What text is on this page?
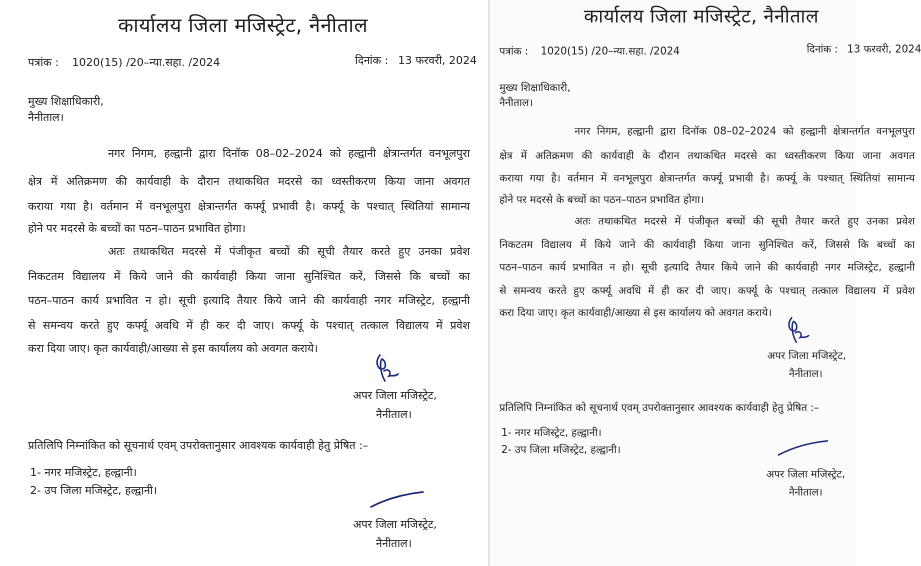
कार्यालय जिला मजिस्ट्रेट, नैनीताल
पत्रांक : 1020(15) /20–न्या.सहा. /2024	दिनांक : 13 फरवरी, 2024
मुख्य शिक्षाधिकारी,
नैनीताल।
नगर निगम, हल्द्वानी द्वारा दिनॉक 08–02–2024 को हल्द्वानी क्षेत्रान्तर्गत वनभूलपुरा
क्षेत्र में अतिक्रमण की कार्यवाही के दौरान तथाकथित मदरसे का ध्वस्तीकरण किया जाना अवगत
कराया गया है। वर्तमान में वनभूलपुरा क्षेत्रान्तर्गत कर्फ्यू प्रभावी है। कर्फ्यू के पश्चात् स्थितियां सामान्य
होने पर मदरसे के बच्चों का पठन–पाठन प्रभावित होगा।
अतः तथाकथित मदरसे में पंजीकृत बच्चों की सूची तैयार करते हुए उनका प्रवेश
निकटतम विद्यालय में किये जाने की कार्यवाही किया जाना सुनिश्चित करें, जिससे कि बच्चों का
पठन–पाठन कार्य प्रभावित न हो। सूची इत्यादि तैयार किये जाने की कार्यवाही नगर मजिस्ट्रेट, हल्द्वानी
से समन्वय करते हुए कर्फ्यू अवधि में ही कर दी जाए। कर्फ्यू के पश्चात् तत्काल विद्यालय में प्रवेश
करा दिया जाए। कृत कार्यवाही/आख्या से इस कार्यालय को अवगत कराये।
अपर जिला मजिस्ट्रेट,
नैनीताल।
प्रतिलिपि निम्नांकित को सूचनार्थ एवम् उपरोक्तानुसार आवश्यक कार्यवाही हेतु प्रेषित :–
1- नगर मजिस्ट्रेट, हल्द्वानी।
2- उप जिला मजिस्ट्रेट, हल्द्वानी।
अपर जिला मजिस्ट्रेट,
नैनीताल।
कार्यालय जिला मजिस्ट्रेट, नैनीताल
पत्रांक : 1020(15) /20–न्या.सहा. /2024	दिनांक : 13 फरवरी, 2024
मुख्य शिक्षाधिकारी,
नैनीताल।
नगर निगम, हल्द्वानी द्वारा दिनॉक 08–02–2024 को हल्द्वानी क्षेत्रान्तर्गत वनभूलपुरा
क्षेत्र में अतिक्रमण की कार्यवाही के दौरान तथाकथित मदरसे का ध्वस्तीकरण किया जाना अवगत
कराया गया है। वर्तमान में वनभूलपुरा क्षेत्रान्तर्गत कर्फ्यू प्रभावी है। कर्फ्यू के पश्चात् स्थितियां सामान्य
होने पर मदरसे के बच्चों का पठन–पाठन प्रभावित होगा।
अतः तथाकथित मदरसे में पंजीकृत बच्चों की सूची तैयार करते हुए उनका प्रवेश
निकटतम विद्यालय में किये जाने की कार्यवाही किया जाना सुनिश्चित करें, जिससे कि बच्चों का
पठन–पाठन कार्य प्रभावित न हो। सूची इत्यादि तैयार किये जाने की कार्यवाही नगर मजिस्ट्रेट, हल्द्वानी
से समन्वय करते हुए कर्फ्यू अवधि में ही कर दी जाए। कर्फ्यू के पश्चात् तत्काल विद्यालय में प्रवेश
करा दिया जाए। कृत कार्यवाही/आख्या से इस कार्यालय को अवगत कराये।
अपर जिला मजिस्ट्रेट,
नैनीताल।
प्रतिलिपि निम्नांकित को सूचनार्थ एवम् उपरोक्तानुसार आवश्यक कार्यवाही हेतु प्रेषित :–
1- नगर मजिस्ट्रेट, हल्द्वानी।
2- उप जिला मजिस्ट्रेट, हल्द्वानी।
अपर जिला मजिस्ट्रेट,
नैनीताल।
